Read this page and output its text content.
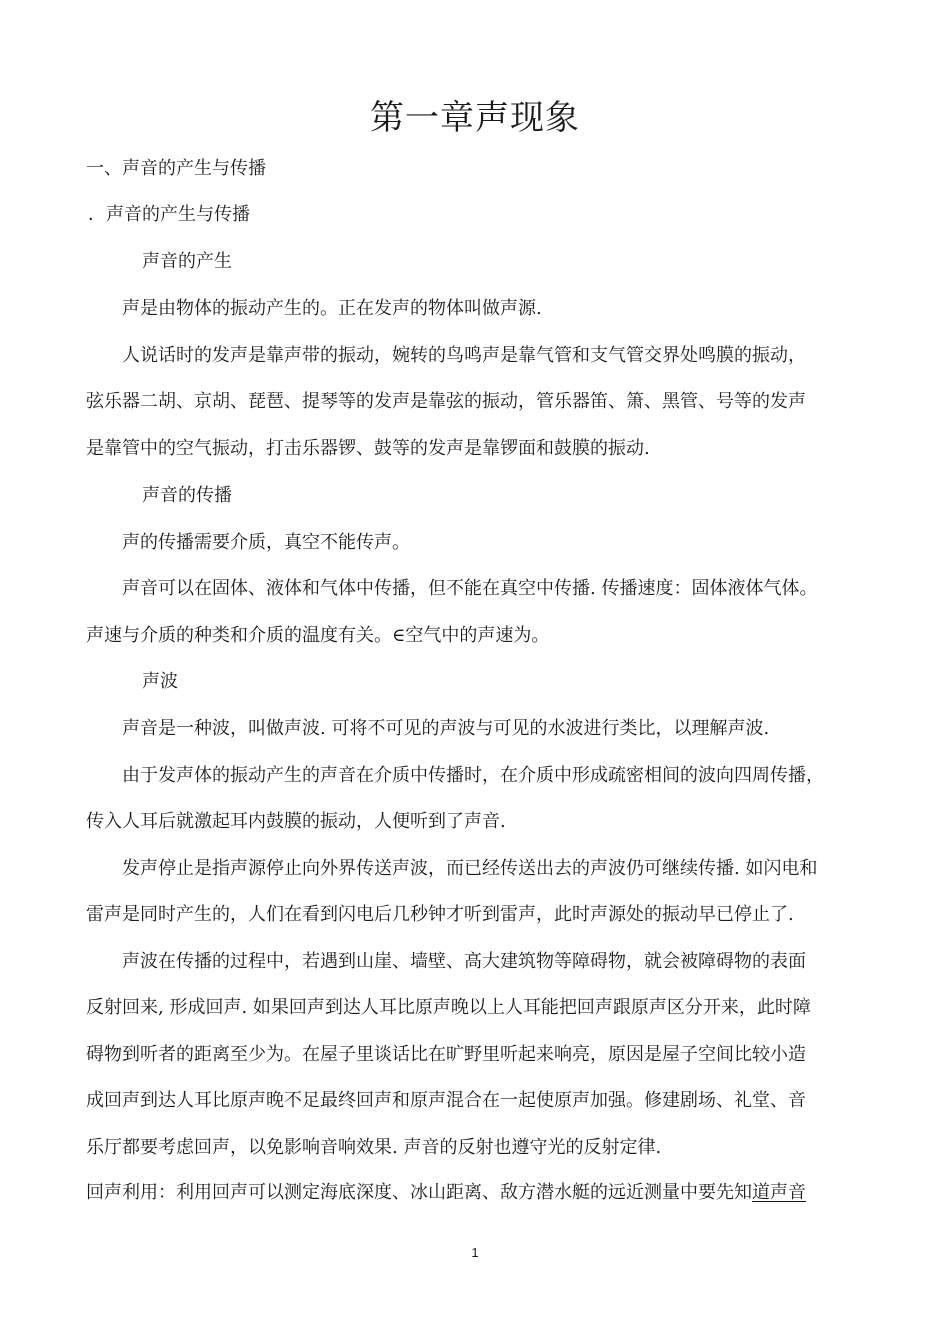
第一章声现象
一、声音的产生与传播
．声音的产生与传播
声音的产生
声是由物体的振动产生的。正在发声的物体叫做声源.
人说话时的发声是靠声带的振动，婉转的鸟鸣声是靠气管和支气管交界处鸣膜的振动，
弦乐器二胡、京胡、琵琶、提琴等的发声是靠弦的振动，管乐器笛、箫、黑管、号等的发声
是靠管中的空气振动，打击乐器锣、鼓等的发声是靠锣面和鼓膜的振动.
声音的传播
声的传播需要介质，真空不能传声。
声音可以在固体、液体和气体中传播，但不能在真空中传播. 传播速度：固体液体气体。
声速与介质的种类和介质的温度有关。∈空气中的声速为。
声波
声音是一种波，叫做声波. 可将不可见的声波与可见的水波进行类比，以理解声波.
由于发声体的振动产生的声音在介质中传播时，在介质中形成疏密相间的波向四周传播，
传入人耳后就激起耳内鼓膜的振动，人便听到了声音.
发声停止是指声源停止向外界传送声波，而已经传送出去的声波仍可继续传播. 如闪电和
雷声是同时产生的，人们在看到闪电后几秒钟才听到雷声，此时声源处的振动早已停止了.
声波在传播的过程中，若遇到山崖、墙壁、高大建筑物等障碍物，就会被障碍物的表面
反射回来, 形成回声. 如果回声到达人耳比原声晚以上人耳能把回声跟原声区分开来，此时障
碍物到听者的距离至少为。在屋子里谈话比在旷野里听起来响亮，原因是屋子空间比较小造
成回声到达人耳比原声晚不足最终回声和原声混合在一起使原声加强。修建剧场、礼堂、音
乐厅都要考虑回声，以免影响音响效果. 声音的反射也遵守光的反射定律.
回声利用：利用回声可以测定海底深度、冰山距离、敌方潜水艇的远近测量中要先知道声音
1
